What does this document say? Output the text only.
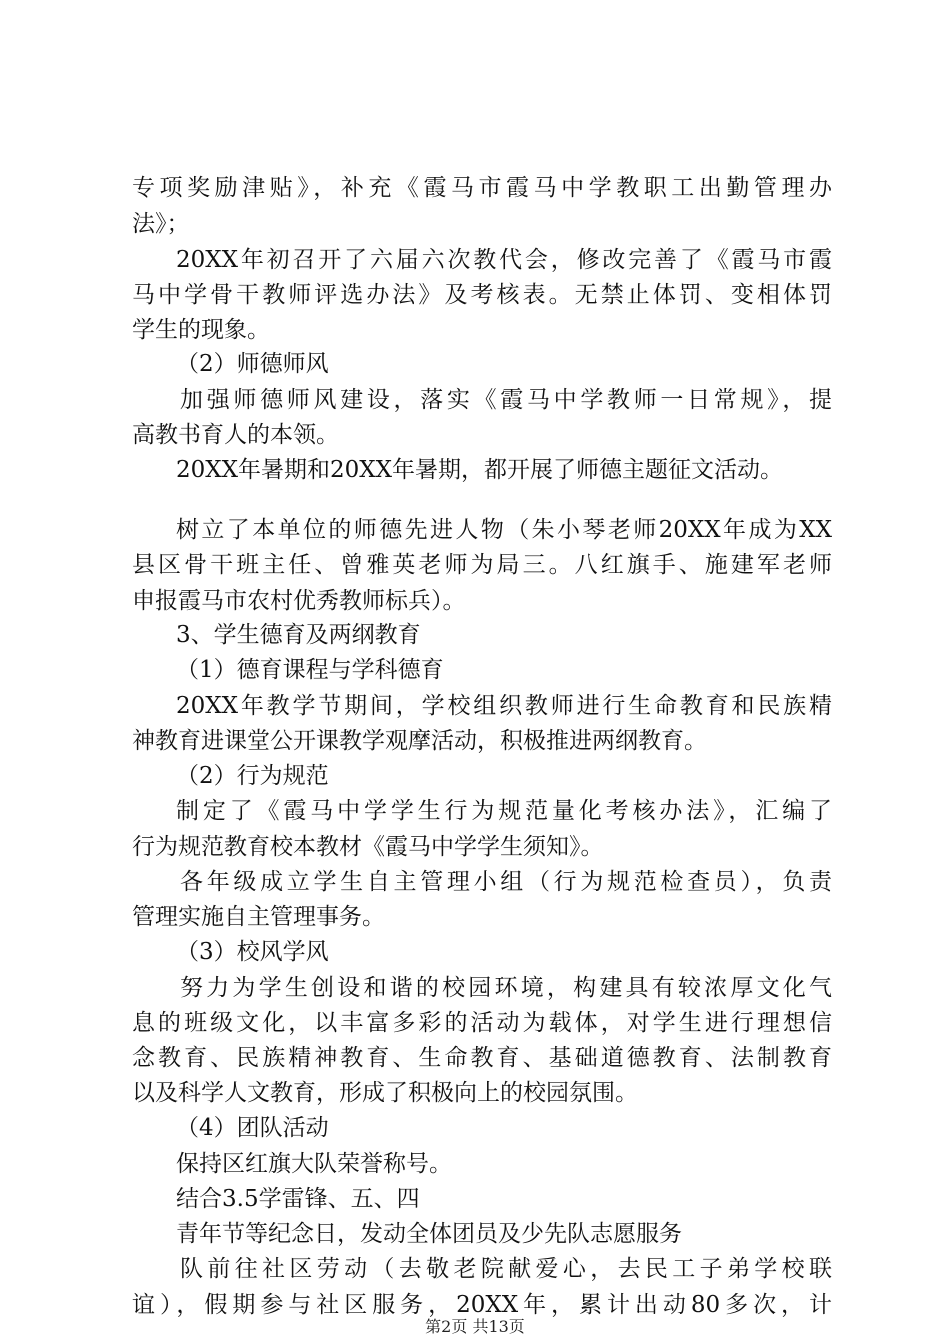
专项奖励津贴》，补充《霞马市霞马中学教职工出勤管理办
法》；
20XX年初召开了六届六次教代会，修改完善了《霞马市霞
马中学骨干教师评选办法》及考核表。无禁止体罚、变相体罚
学生的现象。
（2）师德师风
加强师德师风建设，落实《霞马中学教师一日常规》，提
高教书育人的本领。
20XX年暑期和20XX年暑期，都开展了师德主题征文活动。
树立了本单位的师德先进人物（朱小琴老师20XX年成为XX
县区骨干班主任、曾雅英老师为局三。八红旗手、施建军老师
申报霞马市农村优秀教师标兵）。
3、学生德育及两纲教育
（1）德育课程与学科德育
20XX年教学节期间，学校组织教师进行生命教育和民族精
神教育进课堂公开课教学观摩活动，积极推进两纲教育。
（2）行为规范
制定了《霞马中学学生行为规范量化考核办法》，汇编了
行为规范教育校本教材《霞马中学学生须知》。
各年级成立学生自主管理小组（行为规范检查员），负责
管理实施自主管理事务。
（3）校风学风
努力为学生创设和谐的校园环境，构建具有较浓厚文化气
息的班级文化，以丰富多彩的活动为载体，对学生进行理想信
念教育、民族精神教育、生命教育、基础道德教育、法制教育
以及科学人文教育，形成了积极向上的校园氛围。
（4）团队活动
保持区红旗大队荣誉称号。
结合3.5学雷锋、五、四
青年节等纪念日，发动全体团员及少先队志愿服务
队前往社区劳动（去敬老院献爱心，去民工子弟学校联
谊），假期参与社区服务，20XX年，累计出动80多次，计
第2页 共13页
